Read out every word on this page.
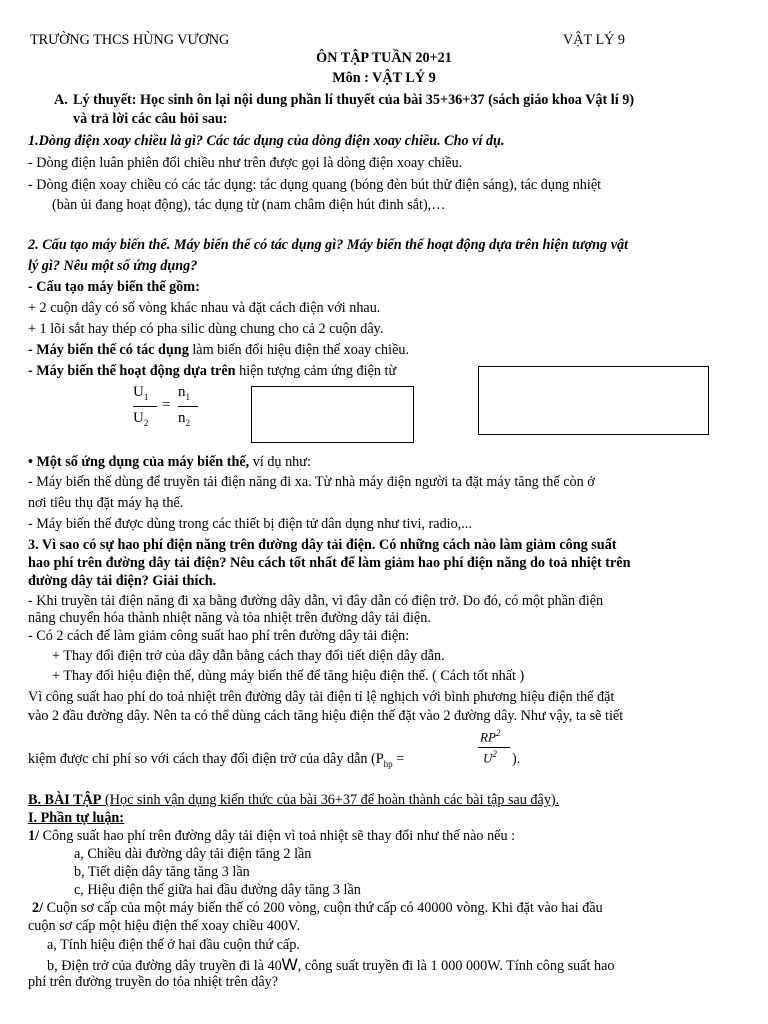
TRƯỜNG THCS HÙNG VƯƠNG	VẬT LÝ 9
ÔN TẬP TUẦN 20+21
Môn : VẬT LÝ 9
A. Lý thuyết: Học sinh ôn lại nội dung phần lí thuyết của bài 35+36+37 (sách giáo khoa Vật lí 9)
và trả lời các câu hỏi sau:
1.Dòng điện xoay chiều là gì? Các tác dụng của dòng điện xoay chiều. Cho ví dụ.
- Dòng điện luân phiên đổi chiều như trên được gọi là dòng điện xoay chiều.
- Dòng điện xoay chiều có các tác dụng: tác dụng quang (bóng đèn bút thử điện sáng), tác dụng nhiệt
(bàn ủi đang hoạt động), tác dụng từ (nam châm điện hút đinh sắt),…
2. Cấu tạo máy biến thế. Máy biến thế có tác dụng gì? Máy biến thế hoạt động dựa trên hiện tượng vật
lý gì? Nêu một số ứng dụng?
- Cấu tạo máy biến thế gồm:
+ 2 cuộn dây có số vòng khác nhau và đặt cách điện với nhau.
+ 1 lõi sắt hay thép có pha silic dùng chung cho cả 2 cuộn dây.
- Máy biến thế có tác dụng làm biến đổi hiệu điện thế xoay chiều.
- Máy biến thế hoạt động dựa trên hiện tượng cảm ứng điện từ
$U_1$
$U_2$
=
$n_1$
$n_2$
• Một số ứng dụng của máy biến thế, ví dụ như:
- Máy biến thế dùng để truyền tải điện năng đi xa. Từ nhà máy điện người ta đặt máy tăng thế còn ở
nơi tiêu thụ đặt máy hạ thế.
- Máy biến thế được dùng trong các thiết bị điện tử dân dụng như tivi, radio,...
3. Vì sao có sự hao phí điện năng trên đường dây tải điện. Có những cách nào làm giảm công suất
hao phí trên đường dây tải điện? Nêu cách tốt nhất để làm giảm hao phí điện năng do toả nhiệt trên
đường dây tải điện? Giải thích.
- Khi truyền tải điện năng đi xa bằng đường dây dẫn, vì đây dẫn có điện trở. Do đó, có một phần điện
năng chuyển hóa thành nhiệt năng và tỏa nhiệt trên đường dây tải điện.
- Có 2 cách để làm giảm công suất hao phí trên đường dây tải điện:
+ Thay đổi điện trở của dây dẫn bằng cách thay đổi tiết diện dây dẫn.
+ Thay đổi hiệu điện thế, dùng máy biến thế để tăng hiệu điện thế. ( Cách tốt nhất )
Vì công suất hao phí do toả nhiệt trên đường dây tải điện tỉ lệ nghịch với bình phương hiệu điện thế đặt
vào 2 đầu đường dây. Nên ta có thể dùng cách tăng hiệu điện thế đặt vào 2 đường dây. Như vậy, ta sẽ tiết
kiệm được chi phí so với cách thay đổi điện trở của dây dẫn ($P_{hp}$ =
$RP^2$
$U^2$ ).
B. BÀI TẬP (Học sinh vận dụng kiến thức của bài 36+37 để hoàn thành các bài tập sau đây).
I. Phần tự luận:
1/ Công suất hao phí trên đường dây tải điện vì toả nhiệt sẽ thay đổi như thế nào nếu :
a, Chiều dài đường dây tải điện tăng 2 lần
b, Tiết diện dây tăng tăng 3 lần
c, Hiệu điện thế giữa hai đầu đường dây tăng 3 lần
2/ Cuộn sơ cấp của một máy biến thế có 200 vòng, cuộn thứ cấp có 40000 vòng. Khi đặt vào hai đầu
cuộn sơ cấp một hiệu điện thế xoay chiều 400V.
a, Tính hiệu điện thế ở hai đầu cuộn thứ cấp.
b, Điện trở của đường dây truyền đi là 40W, công suất truyền đi là 1 000 000W. Tính công suất hao
phí trên đường truyền do tỏa nhiệt trên dây?
